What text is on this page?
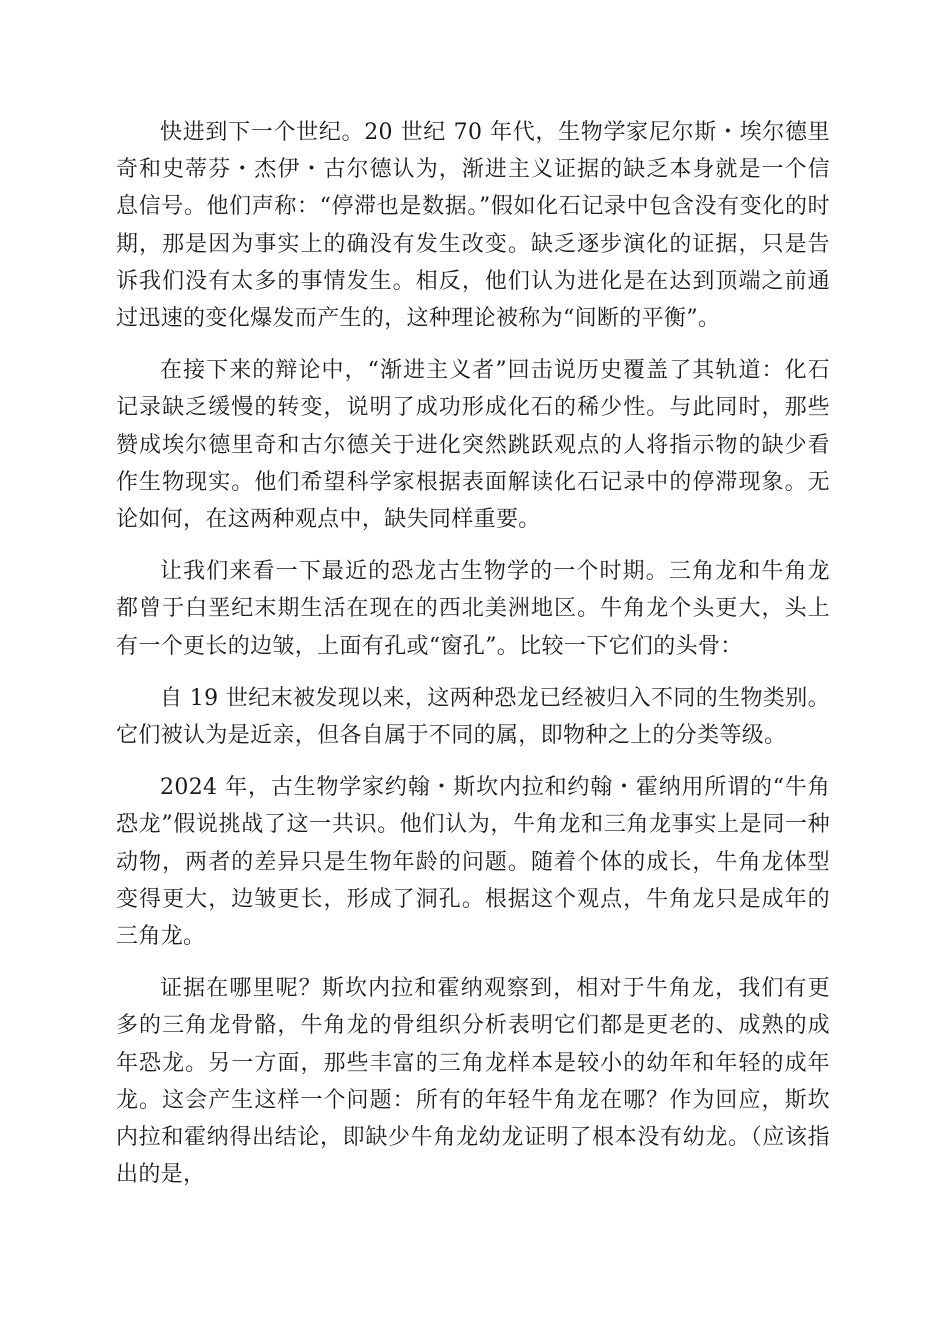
快进到下一个世纪。20 世纪 70 年代，生物学家尼尔斯・埃尔德里奇和史蒂芬・杰伊・古尔德认为，渐进主义证据的缺乏本身就是一个信息信号。他们声称：“停滞也是数据。”假如化石记录中包含没有变化的时期，那是因为事实上的确没有发生改变。缺乏逐步演化的证据，只是告诉我们没有太多的事情发生。相反，他们认为进化是在达到顶端之前通过迅速的变化爆发而产生的，这种理论被称为“间断的平衡”。

在接下来的辩论中，“渐进主义者”回击说历史覆盖了其轨道：化石记录缺乏缓慢的转变，说明了成功形成化石的稀少性。与此同时，那些赞成埃尔德里奇和古尔德关于进化突然跳跃观点的人将指示物的缺少看作生物现实。他们希望科学家根据表面解读化石记录中的停滞现象。无论如何，在这两种观点中，缺失同样重要。

让我们来看一下最近的恐龙古生物学的一个时期。三角龙和牛角龙都曾于白垩纪末期生活在现在的西北美洲地区。牛角龙个头更大，头上有一个更长的边皱，上面有孔或“窗孔”。比较一下它们的头骨：

自 19 世纪末被发现以来，这两种恐龙已经被归入不同的生物类别。它们被认为是近亲，但各自属于不同的属，即物种之上的分类等级。

2024 年，古生物学家约翰・斯坎内拉和约翰・霍纳用所谓的“牛角恐龙”假说挑战了这一共识。他们认为，牛角龙和三角龙事实上是同一种动物，两者的差异只是生物年龄的问题。随着个体的成长，牛角龙体型变得更大，边皱更长，形成了洞孔。根据这个观点，牛角龙只是成年的三角龙。

证据在哪里呢？斯坎内拉和霍纳观察到，相对于牛角龙，我们有更多的三角龙骨骼，牛角龙的骨组织分析表明它们都是更老的、成熟的成年恐龙。另一方面，那些丰富的三角龙样本是较小的幼年和年轻的成年龙。这会产生这样一个问题：所有的年轻牛角龙在哪？作为回应，斯坎内拉和霍纳得出结论，即缺少牛角龙幼龙证明了根本没有幼龙。（应该指出的是，
